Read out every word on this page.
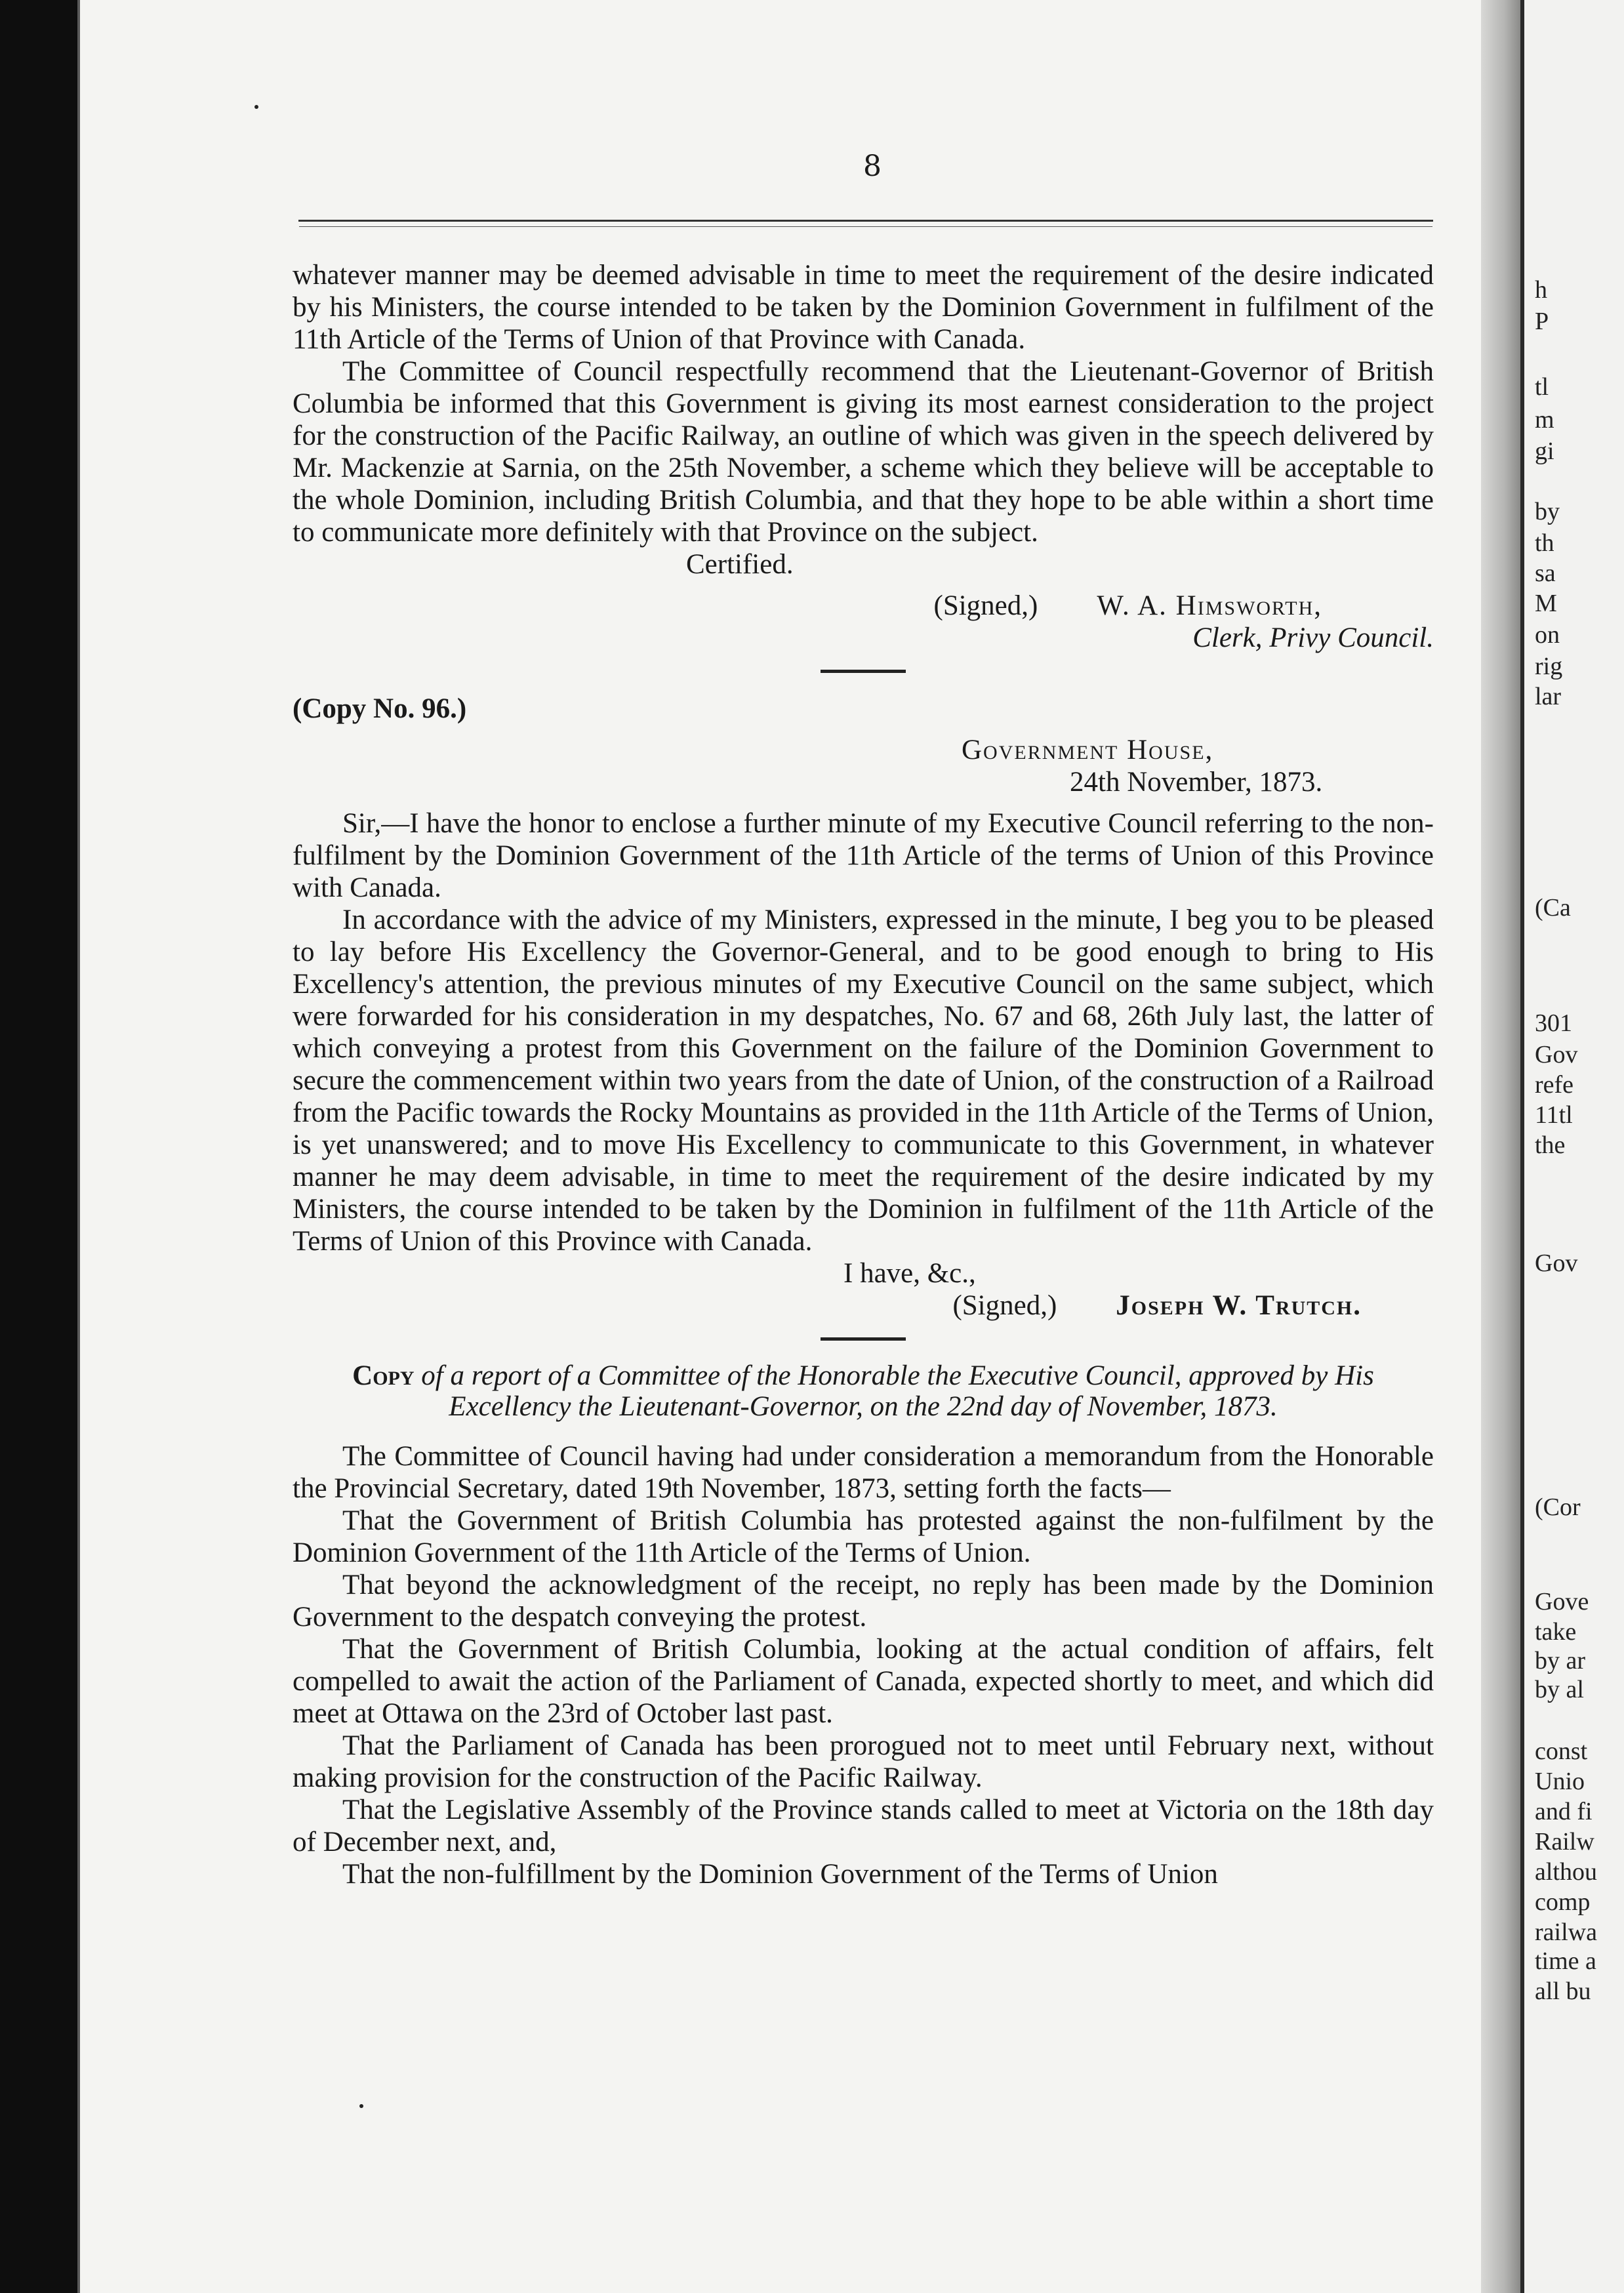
h
P
tl
m
gi
by
th
sa
M
on
rig
lar
(Ca
301
Gov
refe
11tl
the
Gov
(Cor
Gove
take
by ar
by al
const
Unio
and fi
Railw
althou
comp
railwa
time a
all bu
8

whatever manner may be deemed advisable in time to meet the requirement of the desire indicated by his Ministers, the course intended to be taken by the Dominion Government in fulfilment of the 11th Article of the Terms of Union of that Province with Canada.

The Committee of Council respectfully recommend that the Lieutenant-Governor of British Columbia be informed that this Government is giving its most earnest consideration to the project for the construction of the Pacific Railway, an outline of which was given in the speech delivered by Mr. Mackenzie at Sarnia, on the 25th November, a scheme which they believe will be acceptable to the whole Dominion, including British Columbia, and that they hope to be able within a short time to communicate more definitely with that Province on the subject.

Certified.

(Signed,) W. A. Himsworth,

Clerk, Privy Council.

(Copy No. 96.)

Government House,

24th November, 1873.

Sir,—I have the honor to enclose a further minute of my Executive Council referring to the non-fulfilment by the Dominion Government of the 11th Article of the terms of Union of this Province with Canada.

In accordance with the advice of my Ministers, expressed in the minute, I beg you to be pleased to lay before His Excellency the Governor-General, and to be good enough to bring to His Excellency's attention, the previous minutes of my Executive Council on the same subject, which were forwarded for his consideration in my despatches, No. 67 and 68, 26th July last, the latter of which conveying a protest from this Government on the failure of the Dominion Government to secure the commencement within two years from the date of Union, of the construction of a Railroad from the Pacific towards the Rocky Mountains as provided in the 11th Article of the Terms of Union, is yet unanswered; and to move His Excellency to communicate to this Government, in whatever manner he may deem advisable, in time to meet the requirement of the desire indicated by my Ministers, the course intended to be taken by the Dominion in fulfilment of the 11th Article of the Terms of Union of this Province with Canada.

I have, &c.,

(Signed,) Joseph W. Trutch.

Copy of a report of a Committee of the Honorable the Executive Council, approved by His Excellency the Lieutenant-Governor, on the 22nd day of November, 1873.

The Committee of Council having had under consideration a memorandum from the Honorable the Provincial Secretary, dated 19th November, 1873, setting forth the facts—

That the Government of British Columbia has protested against the non-fulfilment by the Dominion Government of the 11th Article of the Terms of Union.

That beyond the acknowledgment of the receipt, no reply has been made by the Dominion Government to the despatch conveying the protest.

That the Government of British Columbia, looking at the actual condition of affairs, felt compelled to await the action of the Parliament of Canada, expected shortly to meet, and which did meet at Ottawa on the 23rd of October last past.

That the Parliament of Canada has been prorogued not to meet until February next, without making provision for the construction of the Pacific Railway.

That the Legislative Assembly of the Province stands called to meet at Victoria on the 18th day of December next, and,

That the non-fulfillment by the Dominion Government of the Terms of Union
